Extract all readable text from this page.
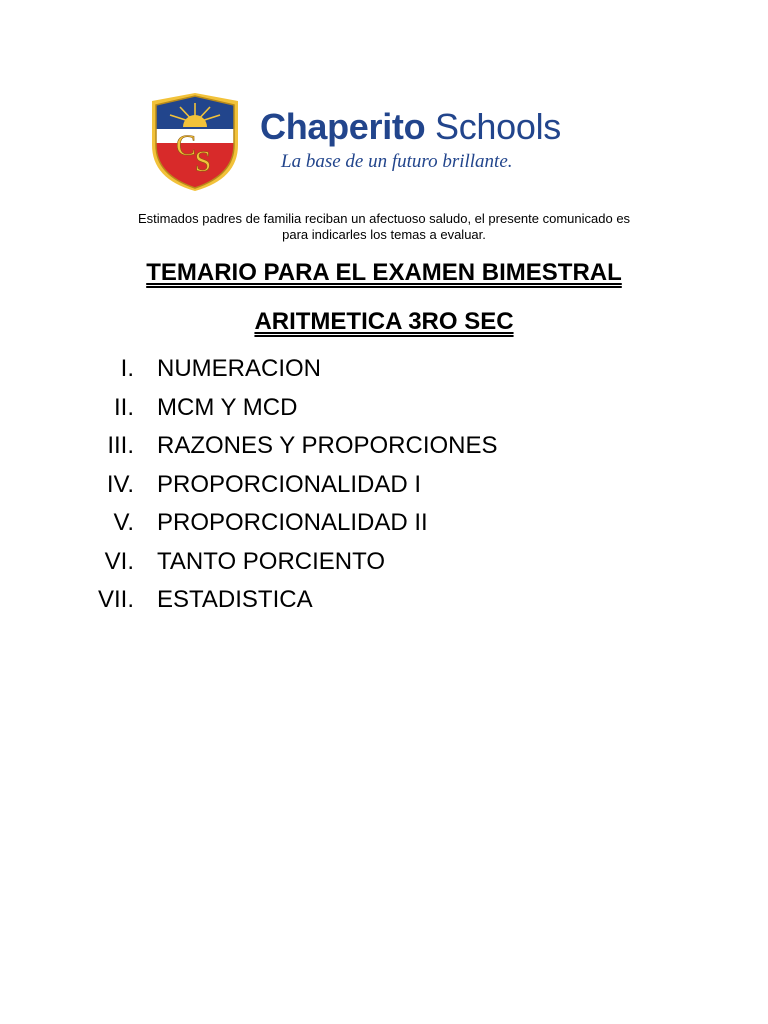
C
S
Chaperito Schools
La base de un futuro brillante.
Estimados padres de familia reciban un afectuoso saludo, el presente comunicado es
para indicarles los temas a evaluar.
TEMARIO PARA EL EXAMEN BIMESTRAL
ARITMETICA 3RO SEC
I. NUMERACION
II. MCM Y MCD
III. RAZONES Y PROPORCIONES
IV. PROPORCIONALIDAD I
V. PROPORCIONALIDAD II
VI. TANTO PORCIENTO
VII. ESTADISTICA
